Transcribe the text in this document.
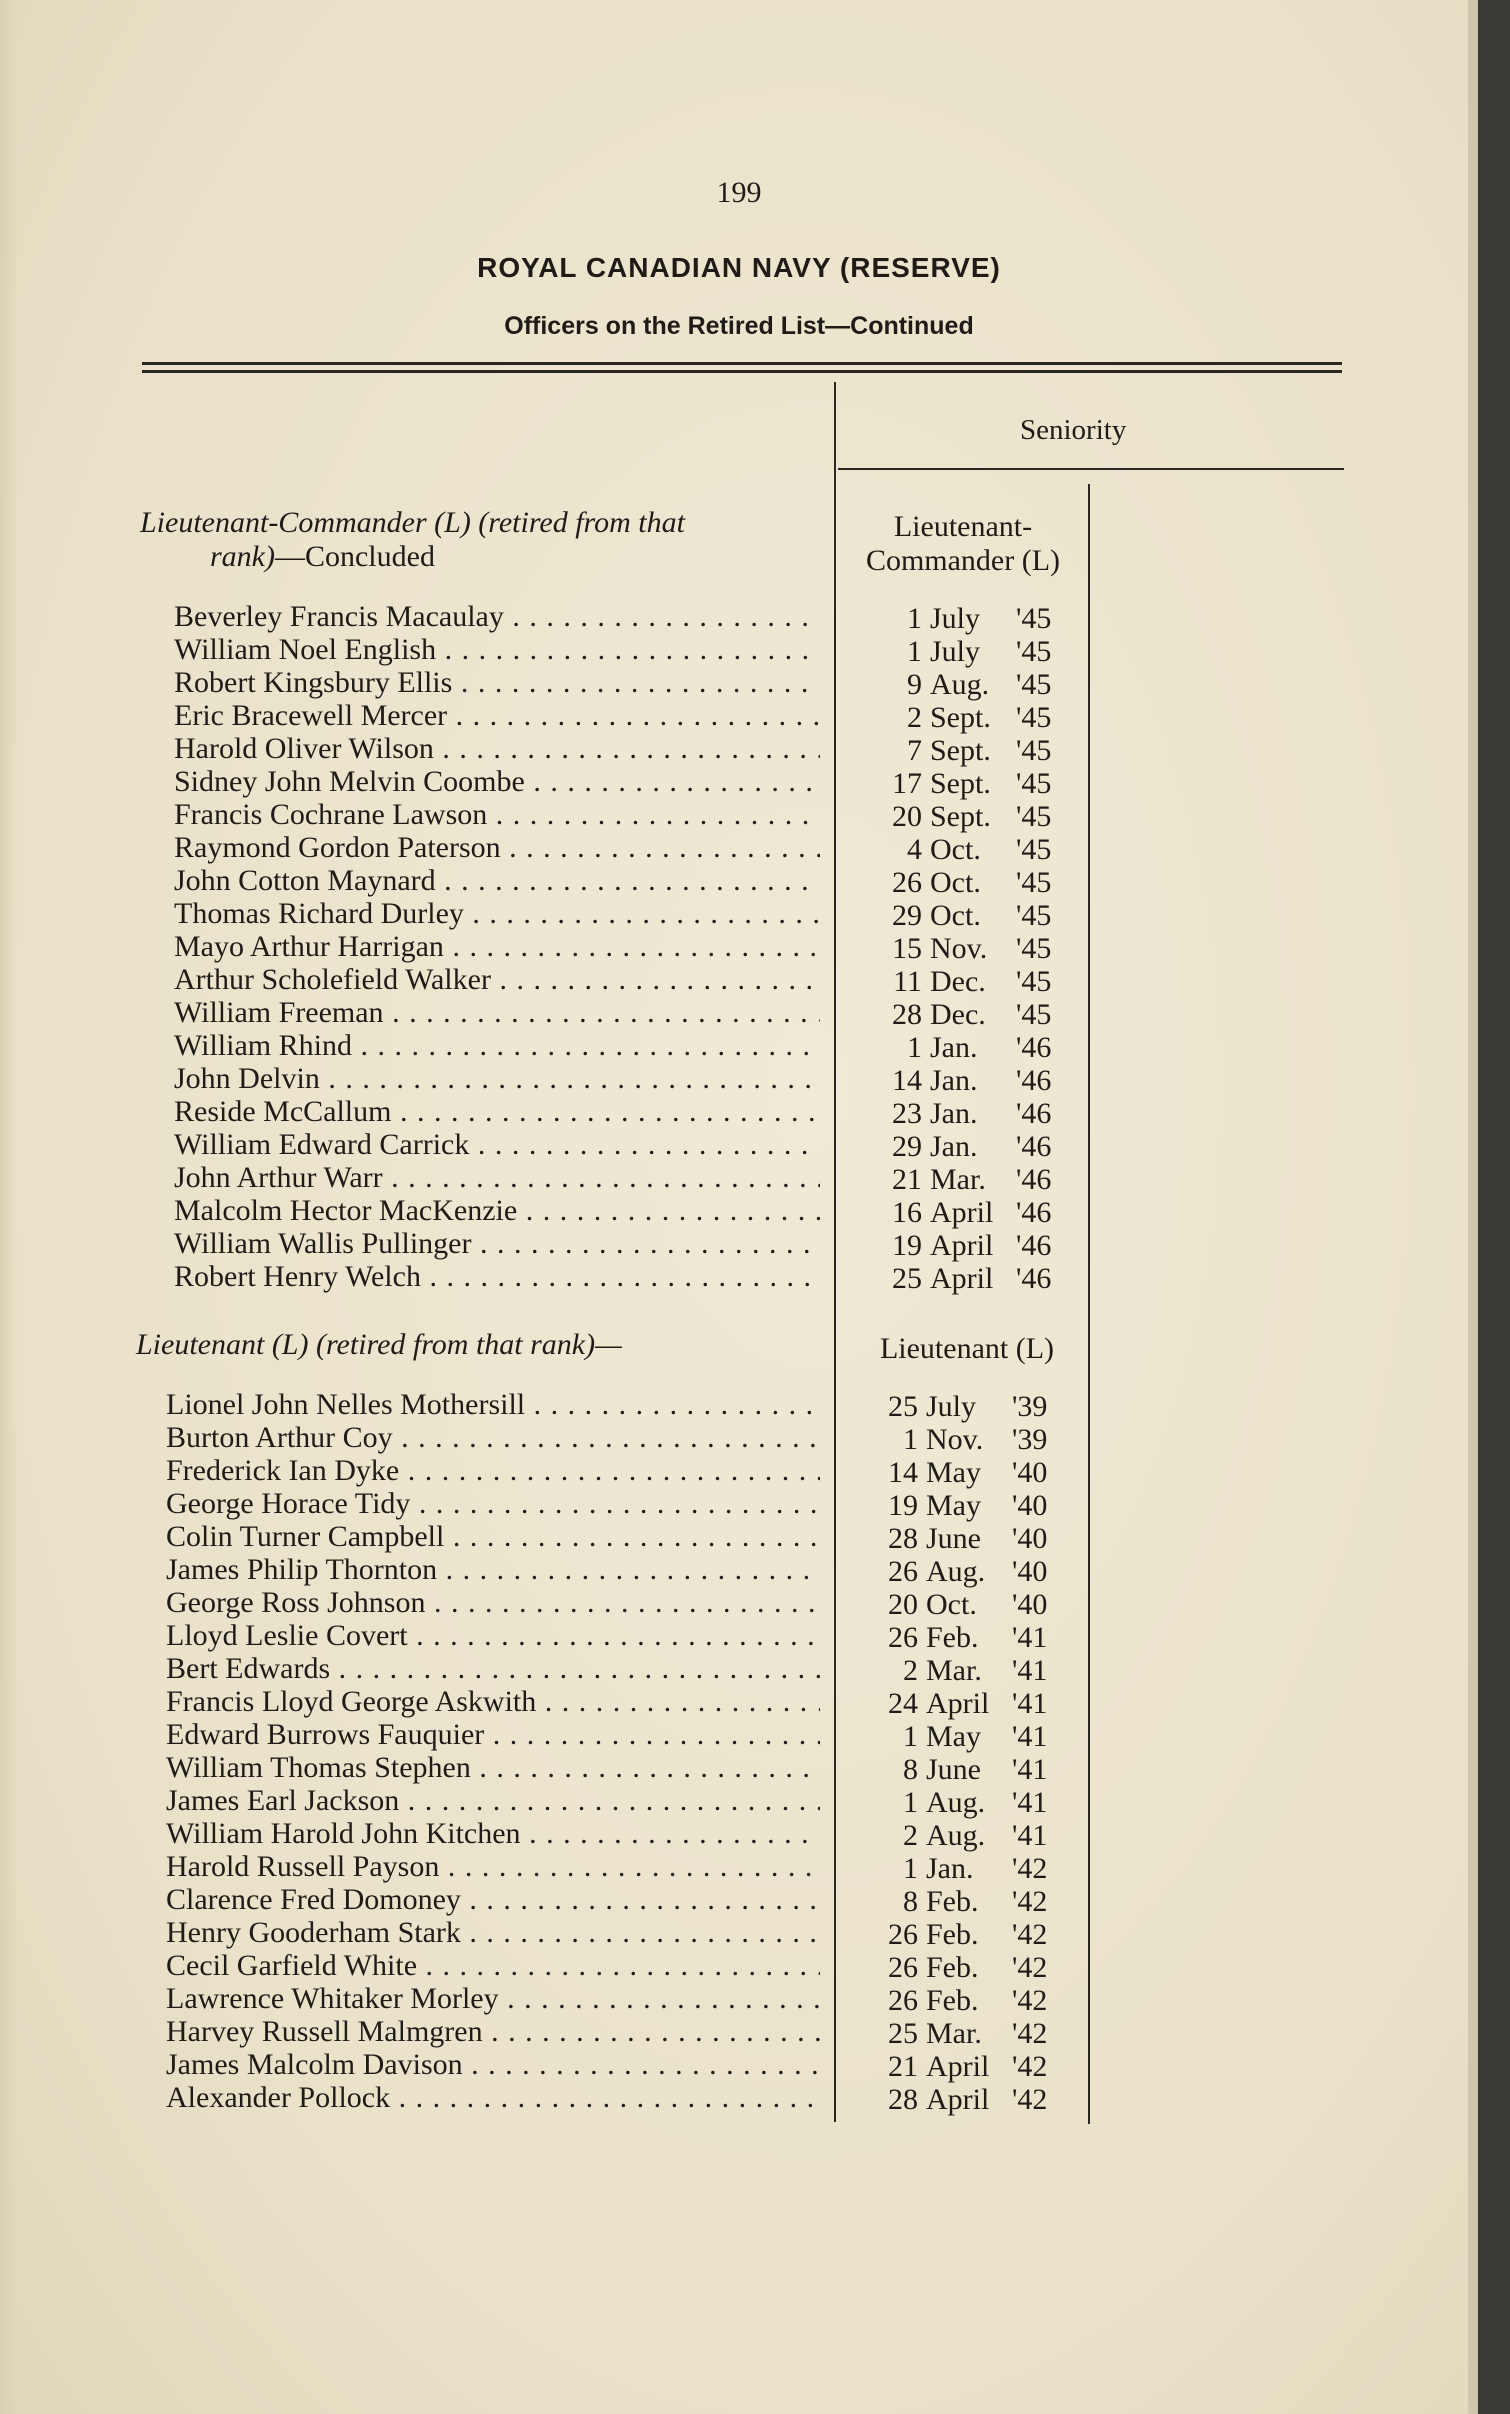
199
ROYAL CANADIAN NAVY (RESERVE)
Officers on the Retired List—Continued
Seniority
Lieutenant-Commander (L) (retired from that
rank)—Concluded
Lieutenant-
Commander (L)
Beverley Francis Macaulay . . .	1 July	'45
William Noel English . . .	1 July	'45
Robert Kingsbury Ellis . . .	9 Aug. '45
Eric Bracewell Mercer . . .	2 Sept. '45
Harold Oliver Wilson . . .	7 Sept. '45
Sidney John Melvin Coombe . . .	17 Sept. '45
Francis Cochrane Lawson . . .	20 Sept. '45
Raymond Gordon Paterson . . .	4 Oct.	'45
John Cotton Maynard . . .	26 Oct.	'45
Thomas Richard Durley . . .	29 Oct.	'45
Mayo Arthur Harrigan . . .	15 Nov. '45
Arthur Scholefield Walker . . .	11 Dec.	'45
William Freeman . . .	28 Dec.	'45
William Rhind . . .	1 Jan.	'46
John Delvin . . .	14 Jan.	'46
Reside McCallum . . .	23 Jan.	'46
William Edward Carrick . . .	29 Jan.	'46
John Arthur Warr . . .	21 Mar.	'46
Malcolm Hector MacKenzie . . .	16 April '46
William Wallis Pullinger . . .	19 April '46
Robert Henry Welch . . .	25 April '46
Lieutenant (L) (retired from that rank)—	Lieutenant (L)
Lionel John Nelles Mothersill . . .	25 July	'39
Burton Arthur Coy . . .	1 Nov. '39
Frederick Ian Dyke . . .	14 May	'40
George Horace Tidy . . .	19 May	'40
Colin Turner Campbell . . .	28 June	'40
James Philip Thornton . . .	26 Aug. '40
George Ross Johnson . . .	20 Oct.	'40
Lloyd Leslie Covert . . .	26 Feb.	'41
Bert Edwards . . .	2 Mar.	'41
Francis Lloyd George Askwith . . .	24 April '41
Edward Burrows Fauquier . . .	1 May	'41
William Thomas Stephen . . .	8 June	'41
James Earl Jackson . . .	1 Aug. '41
William Harold John Kitchen . . .	2 Aug. '41
Harold Russell Payson . . .	1 Jan.	'42
Clarence Fred Domoney . . .	8 Feb.	'42
Henry Gooderham Stark . . .	26 Feb.	'42
Cecil Garfield White . . .	26 Feb.	'42
Lawrence Whitaker Morley . . .	26 Feb.	'42
Harvey Russell Malmgren . . .	25 Mar.	'42
James Malcolm Davison . . .	21 April '42
Alexander Pollock . . .	28 April '42
